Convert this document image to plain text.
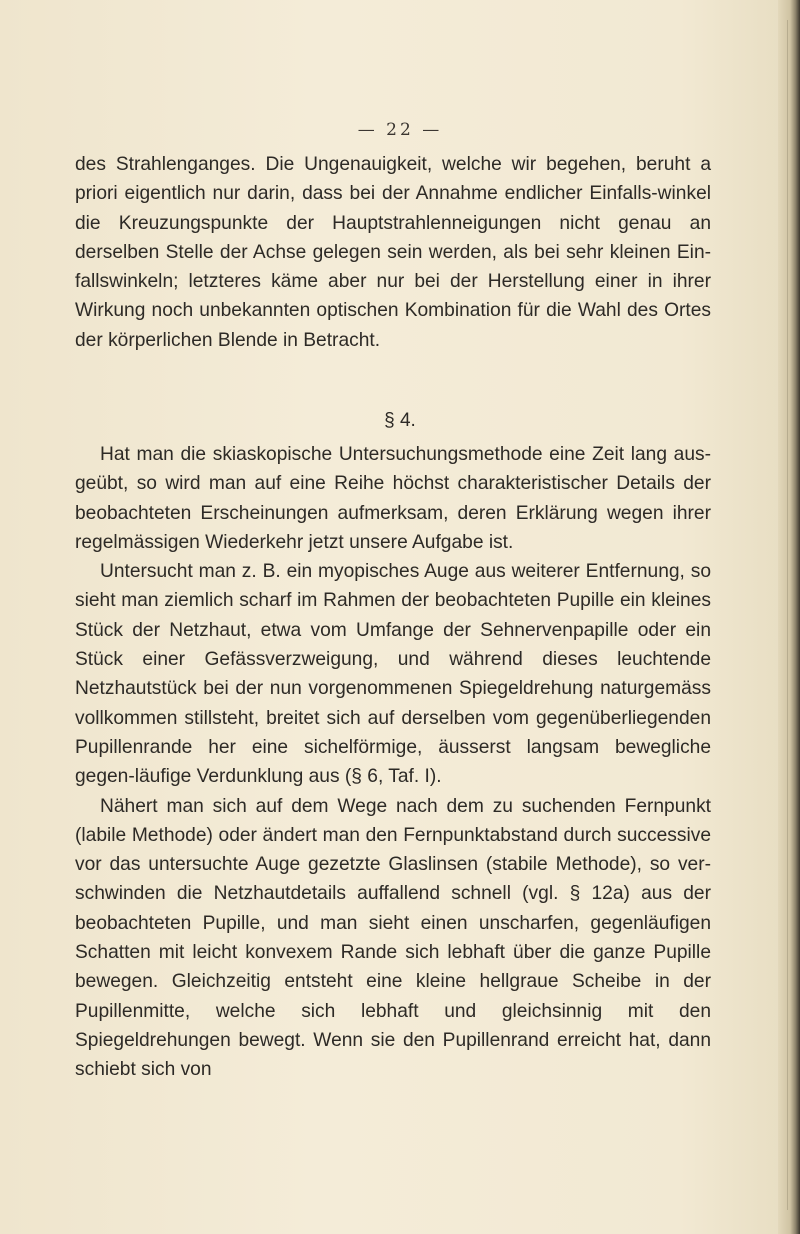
— 22 —

des Strahlenganges. Die Ungenauigkeit, welche wir begehen, beruht a priori eigentlich nur darin, dass bei der Annahme endlicher Einfalls-winkel die Kreuzungspunkte der Hauptstrahlenneigungen nicht genau an derselben Stelle der Achse gelegen sein werden, als bei sehr kleinen Ein-fallswinkeln; letzteres käme aber nur bei der Herstellung einer in ihrer Wirkung noch unbekannten optischen Kombination für die Wahl des Ortes der körperlichen Blende in Betracht.

§ 4.

Hat man die skiaskopische Untersuchungsmethode eine Zeit lang aus-geübt, so wird man auf eine Reihe höchst charakteristischer Details der beobachteten Erscheinungen aufmerksam, deren Erklärung wegen ihrer regelmässigen Wiederkehr jetzt unsere Aufgabe ist.

Untersucht man z. B. ein myopisches Auge aus weiterer Entfernung, so sieht man ziemlich scharf im Rahmen der beobachteten Pupille ein kleines Stück der Netzhaut, etwa vom Umfange der Sehnervenpapille oder ein Stück einer Gefässverzweigung, und während dieses leuchtende Netzhautstück bei der nun vorgenommenen Spiegeldrehung naturgemäss vollkommen stillsteht, breitet sich auf derselben vom gegenüberliegenden Pupillenrande her eine sichelförmige, äusserst langsam bewegliche gegen-läufige Verdunklung aus (§ 6, Taf. I).

Nähert man sich auf dem Wege nach dem zu suchenden Fernpunkt (labile Methode) oder ändert man den Fernpunktabstand durch successive vor das untersuchte Auge gezetzte Glaslinsen (stabile Methode), so ver-schwinden die Netzhautdetails auffallend schnell (vgl. § 12a) aus der beobachteten Pupille, und man sieht einen unscharfen, gegenläufigen Schatten mit leicht konvexem Rande sich lebhaft über die ganze Pupille bewegen. Gleichzeitig entsteht eine kleine hellgraue Scheibe in der Pupillenmitte, welche sich lebhaft und gleichsinnig mit den Spiegeldrehungen bewegt. Wenn sie den Pupillenrand erreicht hat, dann schiebt sich von
